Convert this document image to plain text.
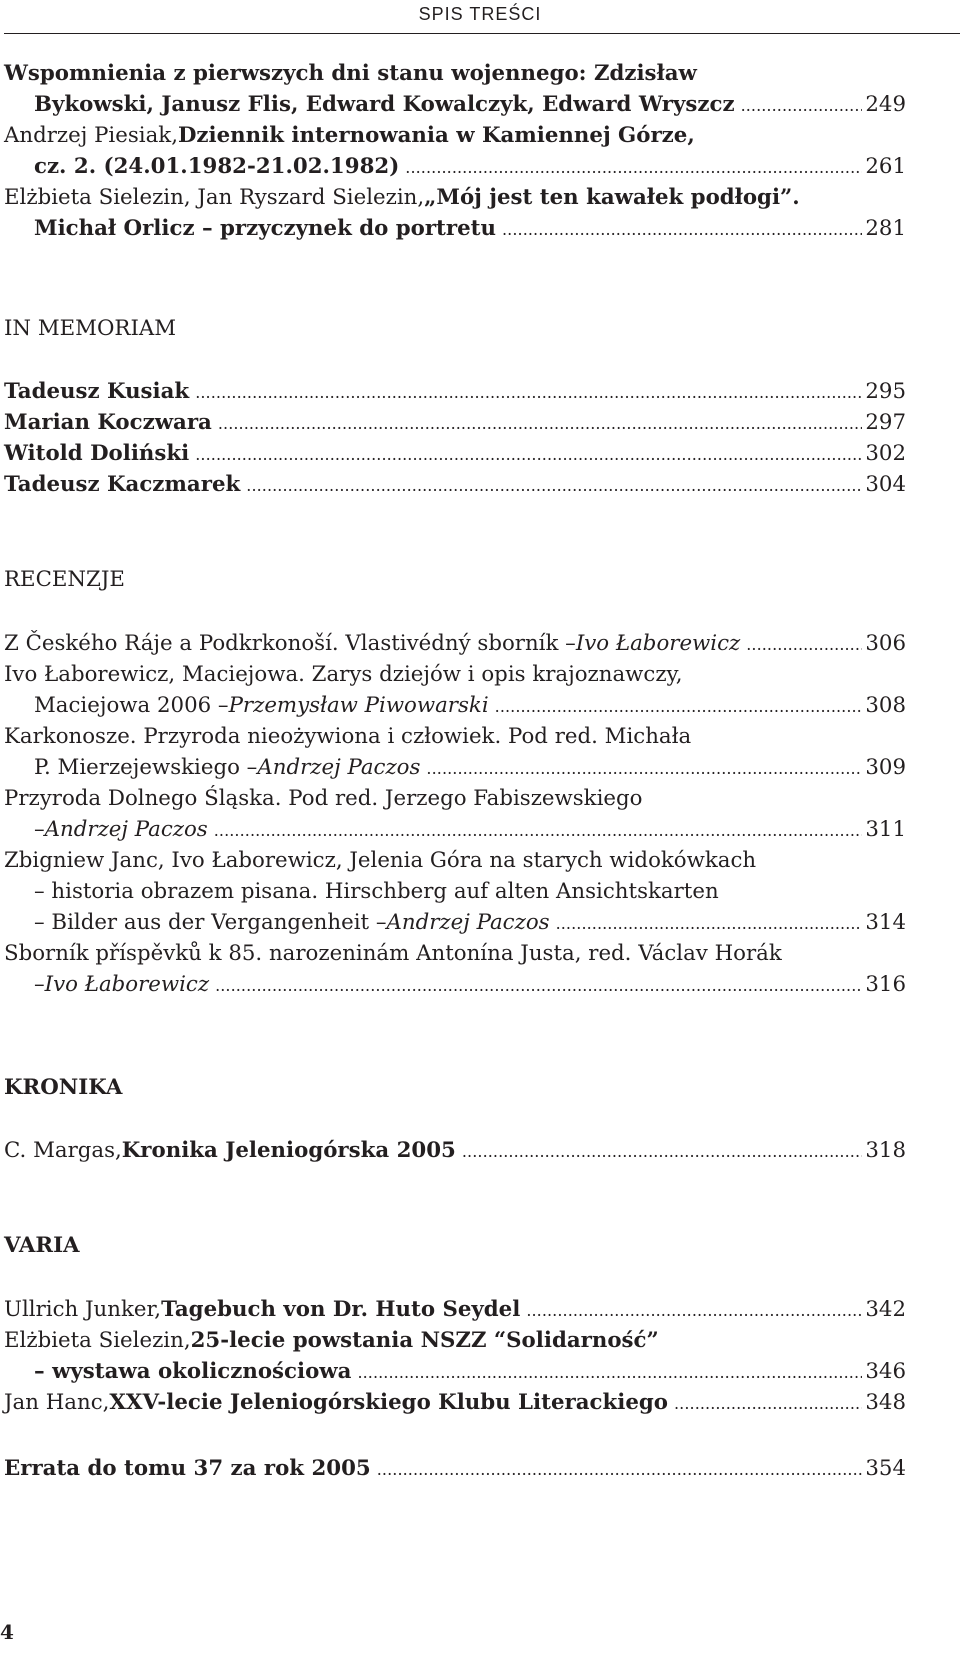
SPIS TREŚCI
Wspomnienia z pierwszych dni stanu wojennego: Zdzisław
Bykowski, Janusz Flis, Edward Kowalczyk, Edward Wryszcz . . .	249
Andrzej Piesiak, Dziennik internowania w Kamiennej Górze,
cz. 2. (24.01.1982-21.02.1982) . . .	261
Elżbieta Sielezin, Jan Ryszard Sielezin, „Mój jest ten kawałek podłogi”.
Michał Orlicz – przyczynek do portretu . . .	281
IN MEMORIAM
Tadeusz Kusiak . . .	295
Marian Koczwara . . .	297
Witold Doliński . . .	302
Tadeusz Kaczmarek . . .	304
RECENZJE
Z Českého Ráje a Podkrkonoší. Vlastivédný sborník – Ivo Łaborewicz . . .	306
Ivo Łaborewicz, Maciejowa. Zarys dziejów i opis krajoznawczy,
Maciejowa 2006 – Przemysław Piwowarski . . .	308
Karkonosze. Przyroda nieożywiona i człowiek. Pod red. Michała
P. Mierzejewskiego – Andrzej Paczos . . .	309
Przyroda Dolnego Śląska. Pod red. Jerzego Fabiszewskiego
– Andrzej Paczos . . .	311
Zbigniew Janc, Ivo Łaborewicz, Jelenia Góra na starych widokówkach
– historia obrazem pisana. Hirschberg auf alten Ansichtskarten
– Bilder aus der Vergangenheit – Andrzej Paczos . . .	314
Sborník příspěvků k 85. narozeninám Antonína Justa, red. Václav Horák
– Ivo Łaborewicz . . .	316
KRONIKA
C. Margas, Kronika Jeleniogórska 2005 . . .	318
VARIA
Ullrich Junker, Tagebuch von Dr. Huto Seydel . . .	342
Elżbieta Sielezin, 25-lecie powstania NSZZ “Solidarność”
– wystawa okolicznościowa . . .	346
Jan Hanc, XXV-lecie Jeleniogórskiego Klubu Literackiego . . .	348
Errata do tomu 37 za rok 2005 . . .	354
4
